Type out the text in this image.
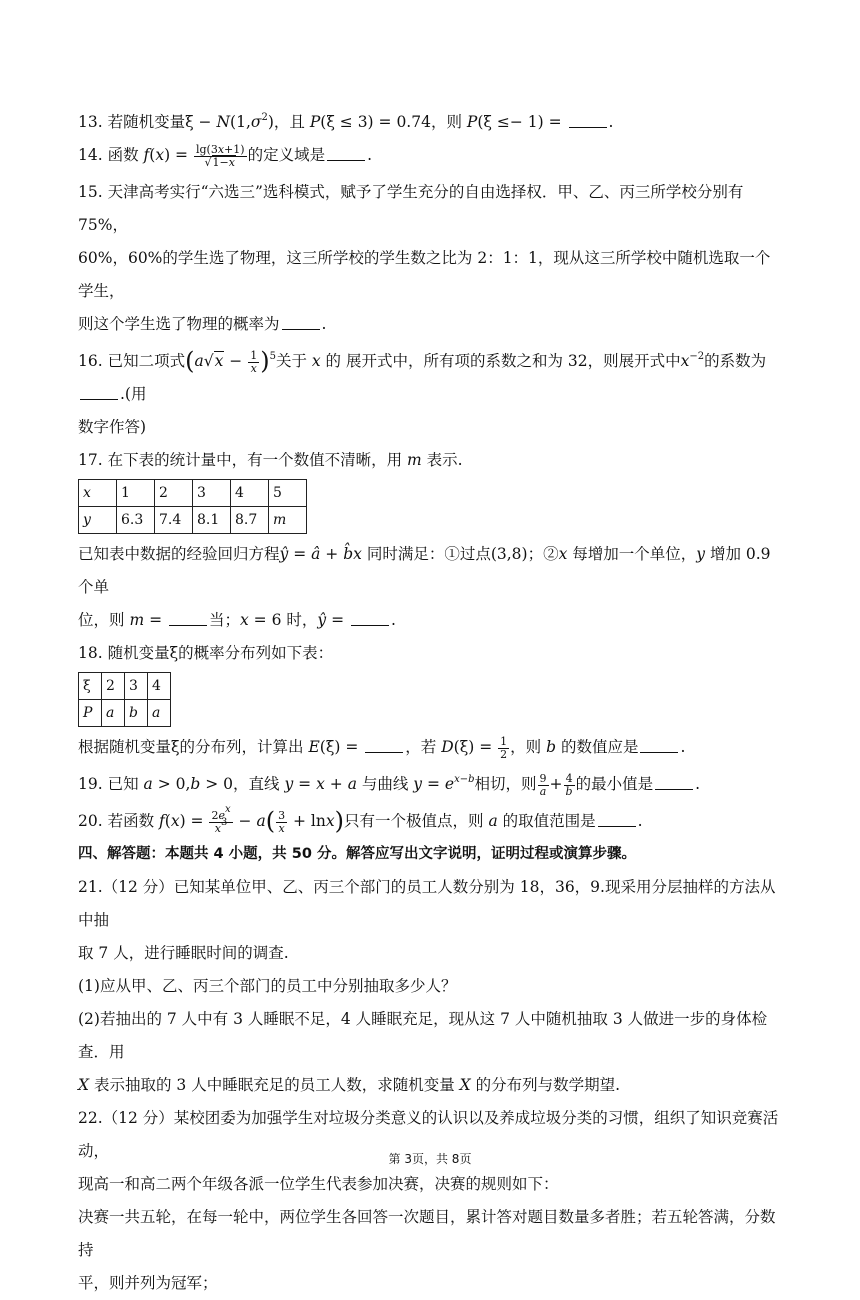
13. 若随机变量$\xi - N(1,\sigma^2)$，且 P(ξ ≤ 3) = 0.74，则 P(ξ ≤− 1) =	.

14. 函数 $f(x) = \frac{\lg(3x+1)}{√1-x}$ 的定义域是	.

15. 天津高考实行“六选三”选科模式，赋予了学生充分的自由选择权．甲、乙、丙三所学校分别有 75%，

60%，60%的学生选了物理，这三所学校的学生数之比为 2：1：1，现从这三所学校中随机选取一个学生，

则这个学生选了物理的概率为	.

16. 已知二项式$(a√x - \frac{1}{x} )^5$关于 x 的 展开式中，所有项的系数之和为 32，则展开式中$x^{-2}$的系数为.(用

数字作答)

17. 在下表的统计量中，有一个数值不清晰，用 m 表示.

x	1	2	3	4	5
y	6.3	7.4	8.1	8.7	m

已知表中数据的经验回归方程ŷ = â + b̂x 同时满足：①过点(3,8)；②x 每增加一个单位，y 增加 0.9 个单

位，则 m =	当；x = 6 时，ŷ =	.

18. 随机变量ξ的概率分布列如下表：

ξ	2	3	4
P	a	b	a

根据随机变量ξ的分布列，计算出 E(ξ) =	，若 $D(\xi) = \frac{1}{2}$ ，则 b 的数值应是	.

19. 已知 a > 0,b > 0，直线 y = x + a 与曲线 $y = e^{x-b}$相切，则 $\frac{9}{a} + \frac{4}{b}$ 的最小值是	.

20. 若函数 $f(x) = \frac{2e^x}{x^3} - a( \frac{3}{x} + \ln x)$只有一个极值点，则 a 的取值范围是	.

四、解答题：本题共 4 小题，共 50 分。解答应写出文字说明，证明过程或演算步骤。

21.（12 分）已知某单位甲、乙、丙三个部门的员工人数分别为 18，36，9.现采用分层抽样的方法从中抽

取 7 人，进行睡眠时间的调查.

(1)应从甲、乙、丙三个部门的员工中分别抽取多少人？

(2)若抽出的 7 人中有 3 人睡眠不足，4 人睡眠充足，现从这 7 人中随机抽取 3 人做进一步的身体检查．用

X 表示抽取的 3 人中睡眠充足的员工人数，求随机变量 X 的分布列与数学期望.

22.（12 分）某校团委为加强学生对垃圾分类意义的认识以及养成垃圾分类的习惯，组织了知识竞赛活动，

现高一和高二两个年级各派一位学生代表参加决赛，决赛的规则如下：

决赛一共五轮，在每一轮中，两位学生各回答一次题目，累计答对题目数量多者胜；若五轮答满，分数持

平，则并列为冠军；

第 3页，共 8页
